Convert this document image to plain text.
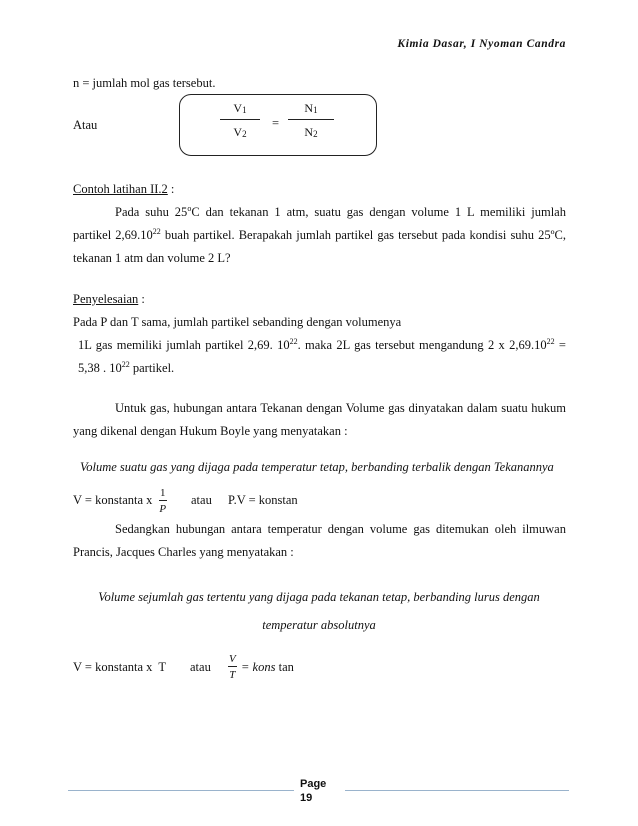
Kimia Dasar, I Nyoman Candra
n = jumlah mol gas tersebut.
Atau	$\frac{V1}{V2} = \frac{N1}{N2}$
Contoh latihan II.2 :
Pada suhu 25$^o$C dan tekanan 1 atm, suatu gas dengan volume 1 L memiliki jumlah partikel 2,69.10$^{22}$ buah partikel. Berapakah jumlah partikel gas tersebut pada kondisi suhu 25ºC, tekanan 1 atm dan volume 2 L?
Penyelesaian :
Pada P dan T sama, jumlah partikel sebanding dengan volumenya
1L gas memiliki jumlah partikel 2,69. $10^{22}$. maka 2L gas tersebut mengandung 2 x $2,69.10^{22} = 5,38$ . $10^{22}$ partikel.
Untuk gas, hubungan antara Tekanan dengan Volume gas dinyatakan dalam suatu hukum yang dikenal dengan Hukum Boyle yang menyatakan :
Volume suatu gas yang dijaga pada temperatur tetap, berbanding terbalik dengan Tekanannya
V = konstanta x $\frac{1}{P}$ atau P.V = konstan
Sedangkan hubungan antara temperatur dengan volume gas ditemukan oleh ilmuwan Prancis, Jacques Charles yang menyatakan :
Volume sejumlah gas tertentu yang dijaga pada tekanan tetap, berbanding lurus dengan
temperatur absolutnya
V = konstanta x  T atau $\frac{V}{T}$ = kons tan
Page
19
